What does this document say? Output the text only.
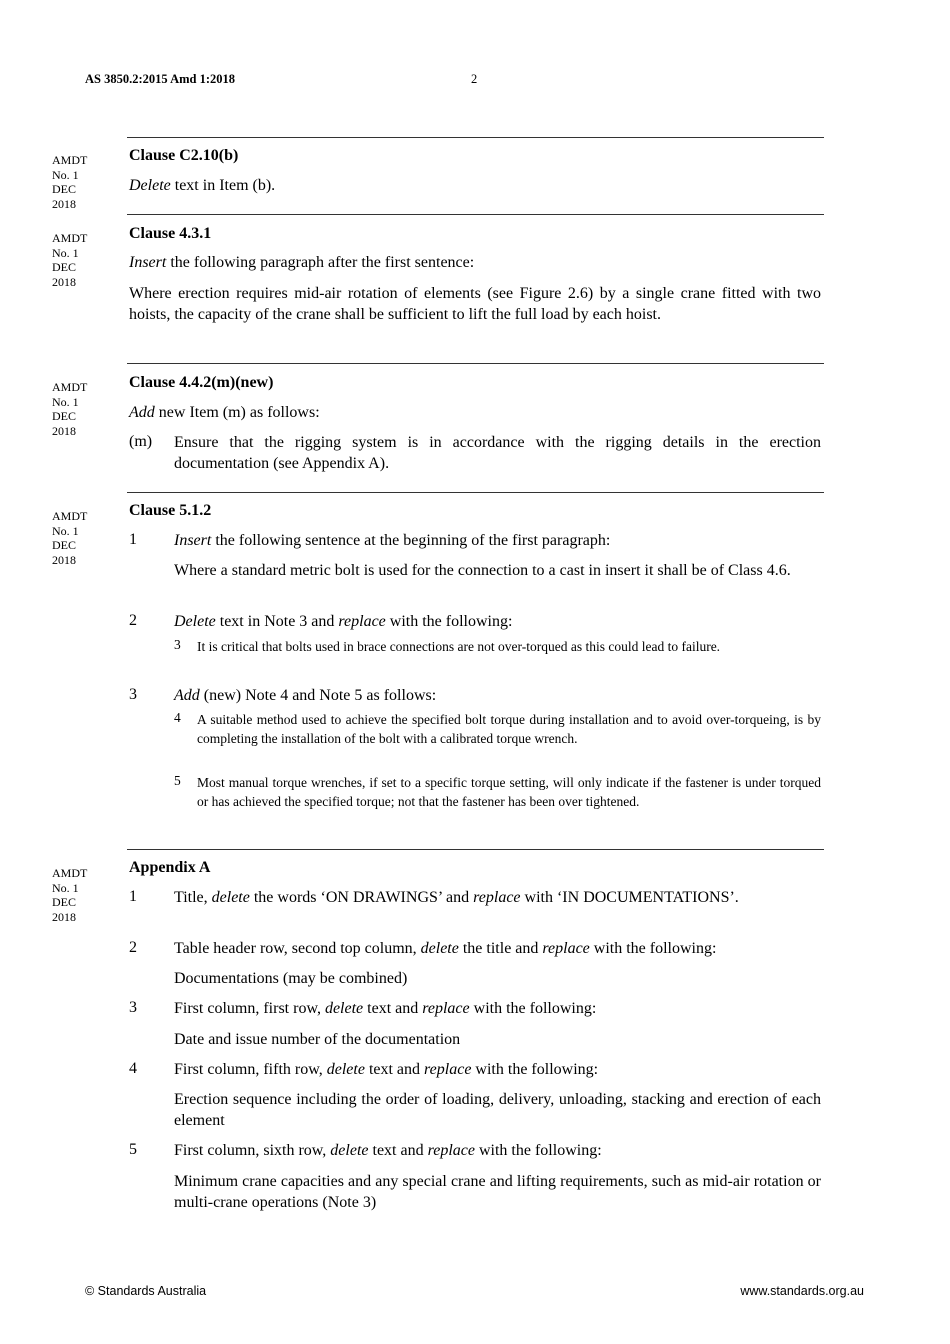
AS 3850.2:2015 Amd 1:2018	2
AMDT
No. 1
DEC
2018
Clause C2.10(b)
Delete text in Item (b).
AMDT
No. 1
DEC
2018
Clause 4.3.1
Insert the following paragraph after the first sentence:
Where erection requires mid-air rotation of elements (see Figure 2.6) by a single crane fitted with two hoists, the capacity of the crane shall be sufficient to lift the full load by each hoist.
AMDT
No. 1
DEC
2018
Clause 4.4.2(m)(new)
Add new Item (m) as follows:
(m) Ensure that the rigging system is in accordance with the rigging details in the erection documentation (see Appendix A).
AMDT
No. 1
DEC
2018
Clause 5.1.2
1 Insert the following sentence at the beginning of the first paragraph:
Where a standard metric bolt is used for the connection to a cast in insert it shall be of Class 4.6.
2 Delete text in Note 3 and replace with the following:
3 It is critical that bolts used in brace connections are not over-torqued as this could lead to failure.
3 Add (new) Note 4 and Note 5 as follows:
4 A suitable method used to achieve the specified bolt torque during installation and to avoid over-torqueing, is by completing the installation of the bolt with a calibrated torque wrench.
5 Most manual torque wrenches, if set to a specific torque setting, will only indicate if the fastener is under torqued or has achieved the specified torque; not that the fastener has been over tightened.
AMDT
No. 1
DEC
2018
Appendix A
1 Title, delete the words ‘ON DRAWINGS’ and replace with ‘IN DOCUMENTATIONS’.
2 Table header row, second top column, delete the title and replace with the following:
Documentations (may be combined)
3 First column, first row, delete text and replace with the following:
Date and issue number of the documentation
4 First column, fifth row, delete text and replace with the following:
Erection sequence including the order of loading, delivery, unloading, stacking and erection of each element
5 First column, sixth row, delete text and replace with the following:
Minimum crane capacities and any special crane and lifting requirements, such as mid-air rotation or multi-crane operations (Note 3)
© Standards Australia	www.standards.org.au
